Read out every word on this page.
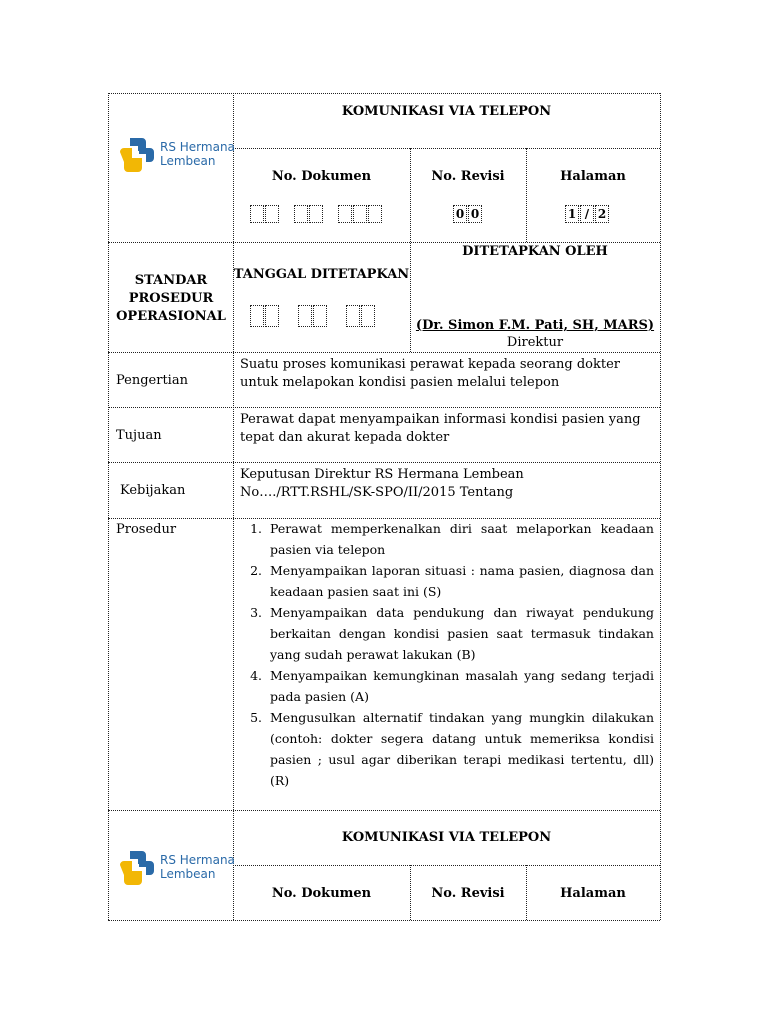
RS Hermana
Lembean
KOMUNIKASI VIA TELEPON
No. Dokumen	No. Revisi
0 0
Halaman
1 / 2
STANDAR PROSEDUR OPERASIONAL
TANGGAL DITETAPKAN
DITETAPKAN OLEH
(Dr. Simon F.M. Pati, SH, MARS)
Direktur
Pengertian
Suatu proses komunikasi perawat kepada seorang dokter untuk melapokan kondisi pasien melalui telepon
Tujuan
Perawat dapat menyampaikan informasi kondisi pasien yang tepat dan akurat kepada dokter
Kebijakan
Keputusan Direktur RS Hermana Lembean No…./RTT.RSHL/SK-SPO/II/2015 Tentang
Prosedur
1.	Perawat memperkenalkan diri saat melaporkan keadaan pasien via telepon
2. Menyampaikan laporan situasi : nama pasien, diagnosa dan keadaan pasien saat ini (S)
3. Menyampaikan data pendukung dan riwayat pendukung berkaitan dengan kondisi pasien saat termasuk tindakan yang sudah perawat lakukan (B)
4. Menyampaikan kemungkinan masalah yang sedang terjadi pada pasien (A)
5. Mengusulkan alternatif tindakan yang mungkin dilakukan (contoh: dokter segera datang untuk memeriksa kondisi pasien ; usul agar diberikan terapi medikasi tertentu, dll) (R)
RS Hermana
Lembean
KOMUNIKASI VIA TELEPON
No. Dokumen	No. Revisi	Halaman
